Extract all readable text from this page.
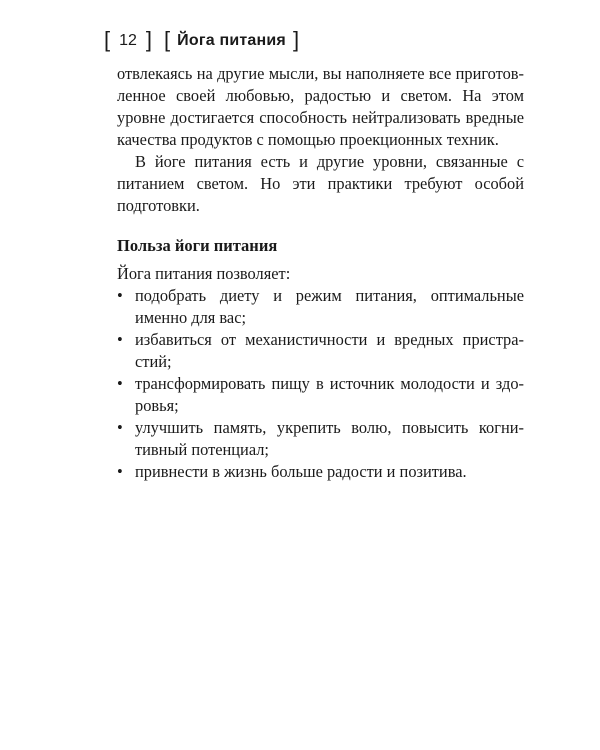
[ 12 ] [ Йога питания ]

отвлекаясь на другие мысли, вы наполняете все приготовленное своей любовью, радостью и светом. На этом уровне достигается способность нейтрализовать вредные качества продуктов с помощью проекционных техник.

В йоге питания есть и другие уровни, связанные с питанием светом. Но эти практики требуют особой подготовки.

Польза йоги питания

Йога питания позволяет:

• подобрать диету и режим питания, оптимальные именно для вас;
• избавиться от механистичности и вредных пристрастий;
• трансформировать пищу в источник молодости и здоровья;
• улучшить память, укрепить волю, повысить когнитивный потенциал;
• привнести в жизнь больше радости и позитива.
